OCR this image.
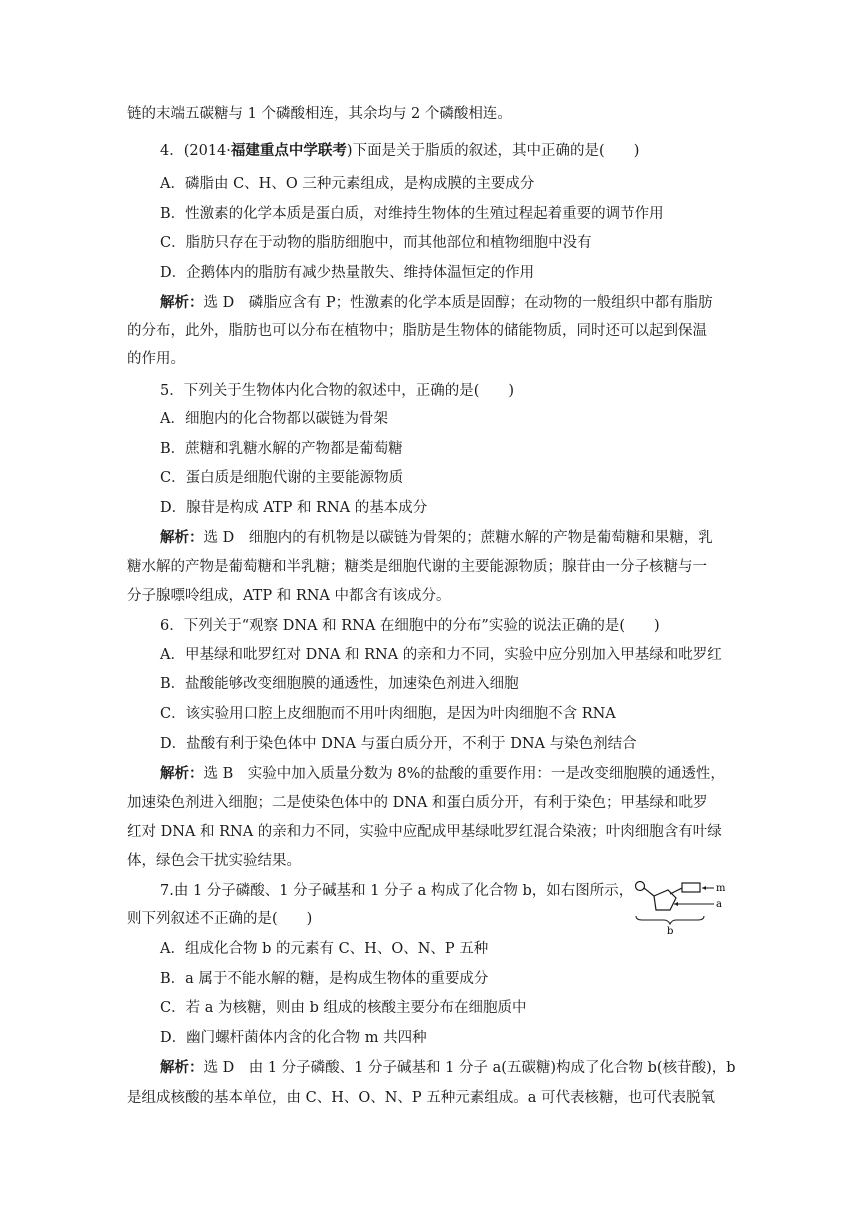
链的末端五碳糖与 1 个磷酸相连，其余均与 2 个磷酸相连。
4．(2014·福建重点中学联考)下面是关于脂质的叙述，其中正确的是(　　)
A．磷脂由 C、H、O 三种元素组成，是构成膜的主要成分
B．性激素的化学本质是蛋白质，对维持生物体的生殖过程起着重要的调节作用
C．脂肪只存在于动物的脂肪细胞中，而其他部位和植物细胞中没有
D．企鹅体内的脂肪有减少热量散失、维持体温恒定的作用
解析：选 D　磷脂应含有 P；性激素的化学本质是固醇；在动物的一般组织中都有脂肪
的分布，此外，脂肪也可以分布在植物中；脂肪是生物体的储能物质，同时还可以起到保温
的作用。
5．下列关于生物体内化合物的叙述中，正确的是(　　)
A．细胞内的化合物都以碳链为骨架
B．蔗糖和乳糖水解的产物都是葡萄糖
C．蛋白质是细胞代谢的主要能源物质
D．腺苷是构成 ATP 和 RNA 的基本成分
解析：选 D　细胞内的有机物是以碳链为骨架的；蔗糖水解的产物是葡萄糖和果糖，乳
糖水解的产物是葡萄糖和半乳糖；糖类是细胞代谢的主要能源物质；腺苷由一分子核糖与一
分子腺嘌呤组成，ATP 和 RNA 中都含有该成分。
6．下列关于“观察 DNA 和 RNA 在细胞中的分布”实验的说法正确的是(　　)
A．甲基绿和吡罗红对 DNA 和 RNA 的亲和力不同，实验中应分别加入甲基绿和吡罗红
B．盐酸能够改变细胞膜的通透性，加速染色剂进入细胞
C．该实验用口腔上皮细胞而不用叶肉细胞，是因为叶肉细胞不含 RNA
D．盐酸有利于染色体中 DNA 与蛋白质分开，不利于 DNA 与染色剂结合
解析：选 B　实验中加入质量分数为 8%的盐酸的重要作用：一是改变细胞膜的通透性，
加速染色剂进入细胞；二是使染色体中的 DNA 和蛋白质分开，有利于染色；甲基绿和吡罗
红对 DNA 和 RNA 的亲和力不同，实验中应配成甲基绿吡罗红混合染液；叶肉细胞含有叶绿
体，绿色会干扰实验结果。
7.由 1 分子磷酸、1 分子碱基和 1 分子 a 构成了化合物 b，如右图所示，
则下列叙述不正确的是(　　)
m
a
b
A．组成化合物 b 的元素有 C、H、O、N、P 五种
B．a 属于不能水解的糖，是构成生物体的重要成分
C．若 a 为核糖，则由 b 组成的核酸主要分布在细胞质中
D．幽门螺杆菌体内含的化合物 m 共四种
解析：选 D　由 1 分子磷酸、1 分子碱基和 1 分子 a(五碳糖)构成了化合物 b(核苷酸)，b
是组成核酸的基本单位，由 C、H、O、N、P 五种元素组成。a 可代表核糖，也可代表脱氧
